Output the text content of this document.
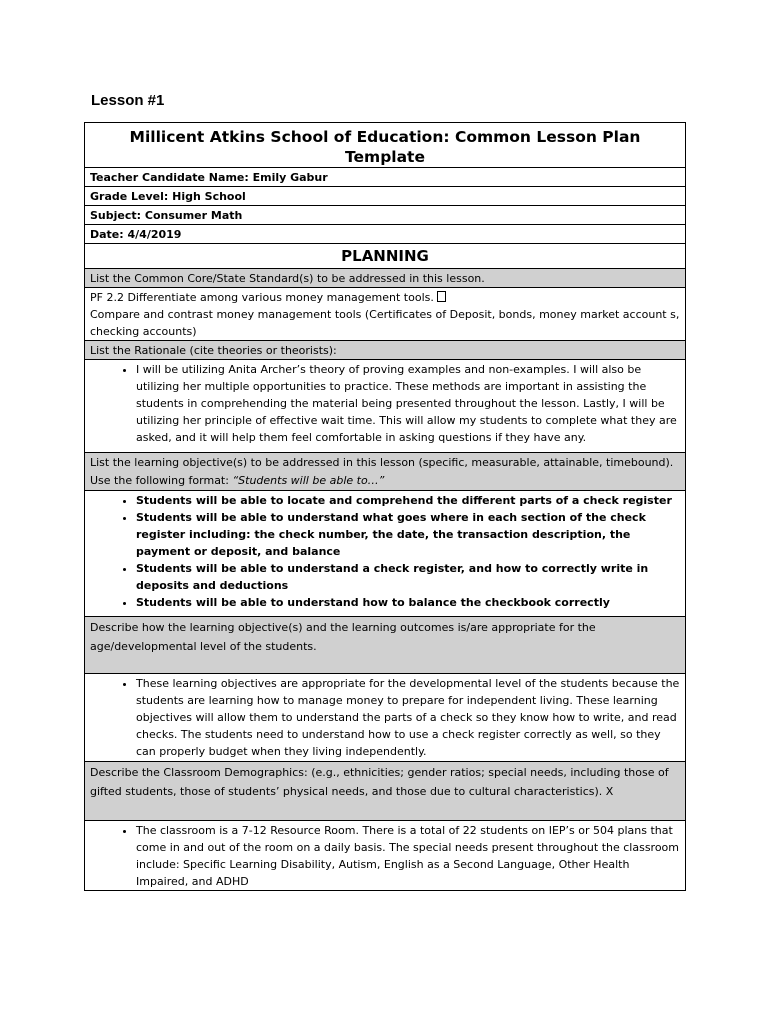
Lesson #1
Millicent Atkins School of Education: Common Lesson Plan Template
Teacher Candidate Name: Emily Gabur
Grade Level: High School
Subject: Consumer Math
Date: 4/4/2019
PLANNING
List the Common Core/State Standard(s) to be addressed in this lesson.

PF 2.2 Differentiate among various money management tools.
Compare and contrast money management tools (Certificates of Deposit, bonds, money market account s, checking accounts)

List the Rationale (cite theories or theorists):

• I will be utilizing Anita Archer’s theory of proving examples and non-examples. I will also be utilizing her multiple opportunities to practice. These methods are important in assisting the students in comprehending the material being presented throughout the lesson. Lastly, I will be utilizing her principle of effective wait time. This will allow my students to complete what they are asked, and it will help them feel comfortable in asking questions if they have any.

List the learning objective(s) to be addressed in this lesson (specific, measurable, attainable, timebound). Use the following format: “Students will be able to…”

• Students will be able to locate and comprehend the different parts of a check register
• Students will be able to understand what goes where in each section of the check register including: the check number, the date, the transaction description, the payment or deposit, and balance
• Students will be able to understand a check register, and how to correctly write in deposits and deductions
• Students will be able to understand how to balance the checkbook correctly

Describe how the learning objective(s) and the learning outcomes is/are appropriate for the age/developmental level of the students.

• These learning objectives are appropriate for the developmental level of the students because the students are learning how to manage money to prepare for independent living. These learning objectives will allow them to understand the parts of a check so they know how to write, and read checks. The students need to understand how to use a check register correctly as well, so they can properly budget when they living independently.

Describe the Classroom Demographics: (e.g., ethnicities; gender ratios; special needs, including those of gifted students, those of students’ physical needs, and those due to cultural characteristics). X

• The classroom is a 7-12 Resource Room. There is a total of 22 students on IEP’s or 504 plans that come in and out of the room on a daily basis. The special needs present throughout the classroom include: Specific Learning Disability, Autism, English as a Second Language, Other Health Impaired, and ADHD
